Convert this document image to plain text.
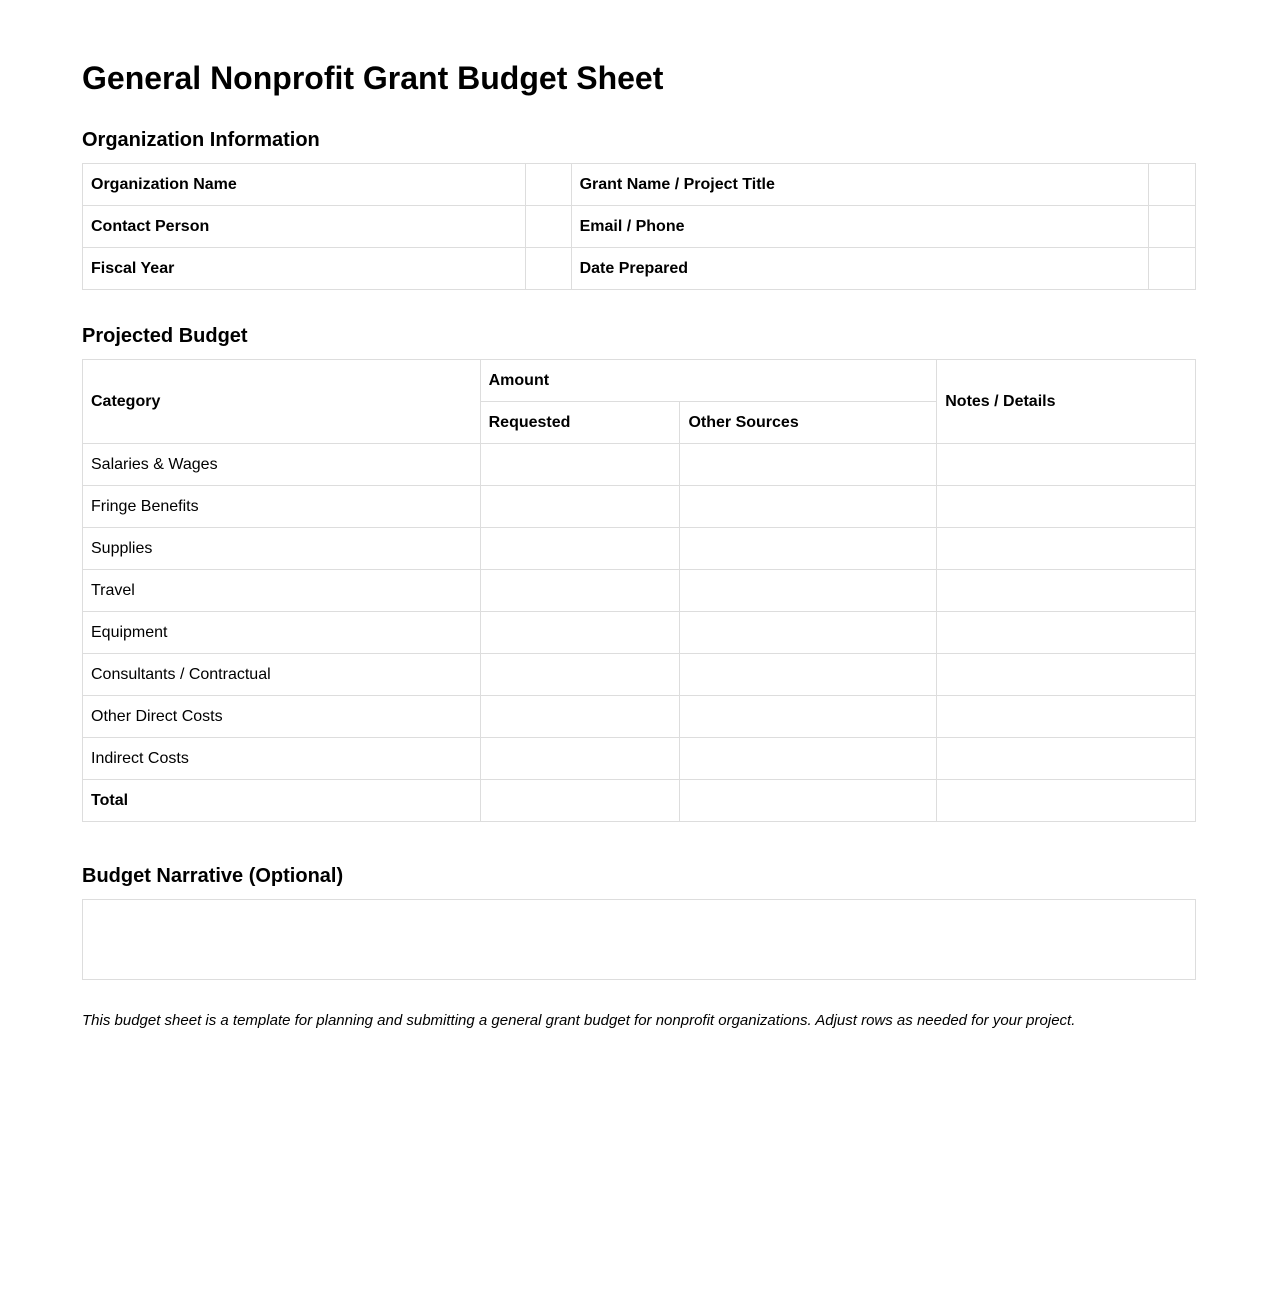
General Nonprofit Grant Budget Sheet
Organization Information
Organization Name		Grant Name / Project Title	
Contact Person		Email / Phone	
Fiscal Year		Date Prepared	
Projected Budget
Category	Amount		Notes / Details
	Requested	Other Sources	
Salaries & Wages			
Fringe Benefits			
Supplies			
Travel			
Equipment			
Consultants / Contractual			
Other Direct Costs			
Indirect Costs			
Total			
Budget Narrative (Optional)
This budget sheet is a template for planning and submitting a general grant budget for nonprofit organizations. Adjust rows as needed for your project.
